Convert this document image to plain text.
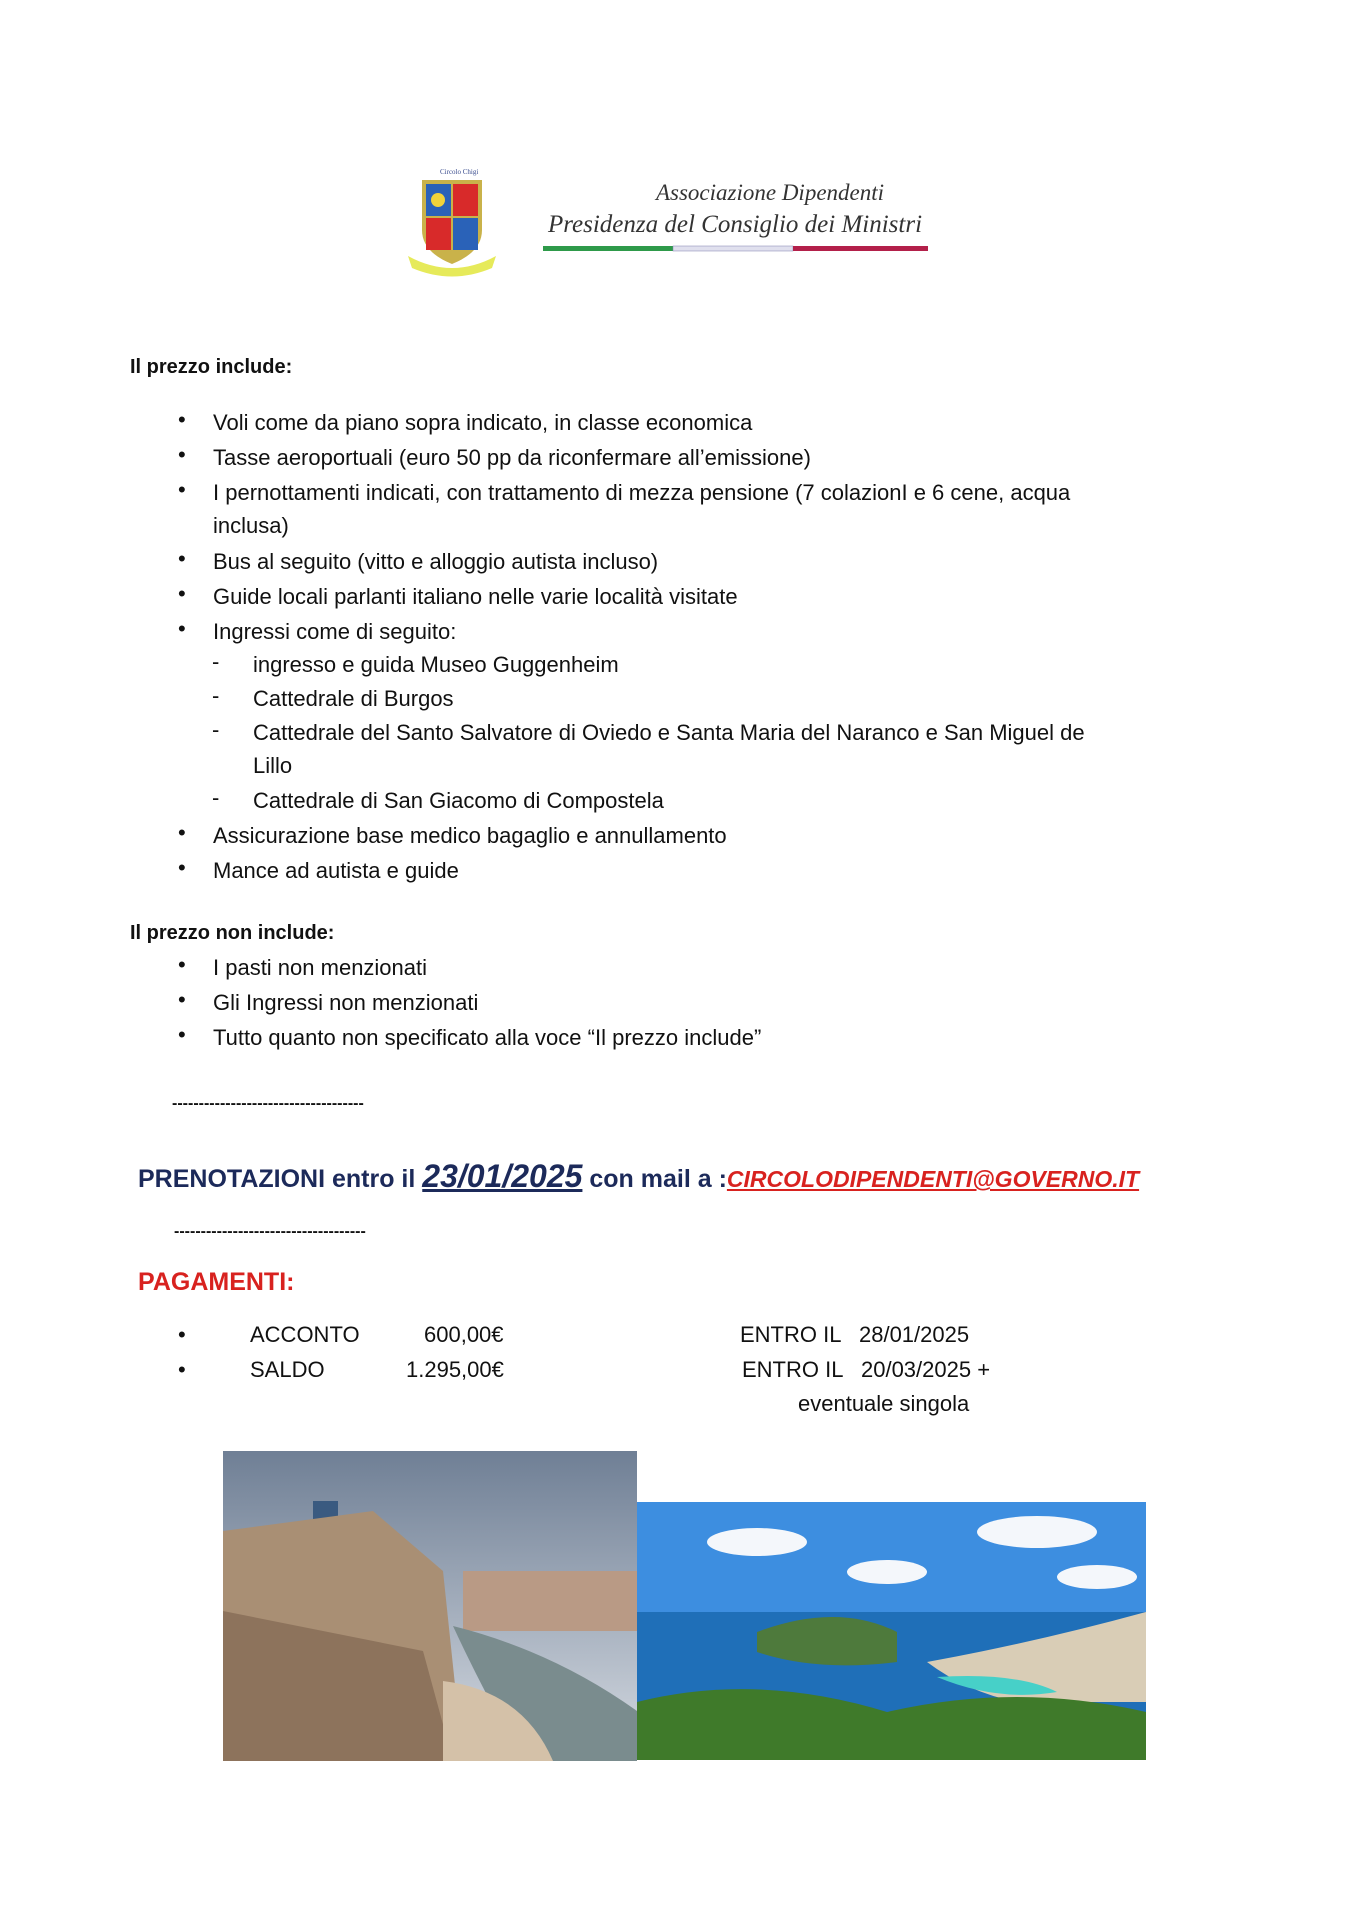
Circolo Chigi
Associazione Dipendenti
Presidenza del Consiglio dei Ministri
Il prezzo include:
• Voli come da piano sopra indicato, in classe economica
• Tasse aeroportuali (euro 50 pp da riconfermare all’emissione)
• I pernottamenti indicati, con trattamento di mezza pensione (7 colazionI e 6 cene, acqua
inclusa)
• Bus al seguito (vitto e alloggio autista incluso)
• Guide locali parlanti italiano nelle varie località visitate
• Ingressi come di seguito:
- ingresso e guida Museo Guggenheim
- Cattedrale di Burgos
- Cattedrale del Santo Salvatore di Oviedo e Santa Maria del Naranco e San Miguel de
Lillo
- Cattedrale di San Giacomo di Compostela
• Assicurazione base medico bagaglio e annullamento
• Mance ad autista e guide
Il prezzo non include:
• I pasti non menzionati
• Gli Ingressi non menzionati
• Tutto quanto non specificato alla voce “Il prezzo include”
------------------------------------
PRENOTAZIONI entro il 23/01/2025 con mail a :CIRCOLODIPENDENTI@GOVERNO.IT
------------------------------------
PAGAMENTI:
•	ACCONTO	600,00€	ENTRO IL   28/01/2025
•	SALDO	1.295,00€	ENTRO IL   20/03/2025 +
eventuale singola
